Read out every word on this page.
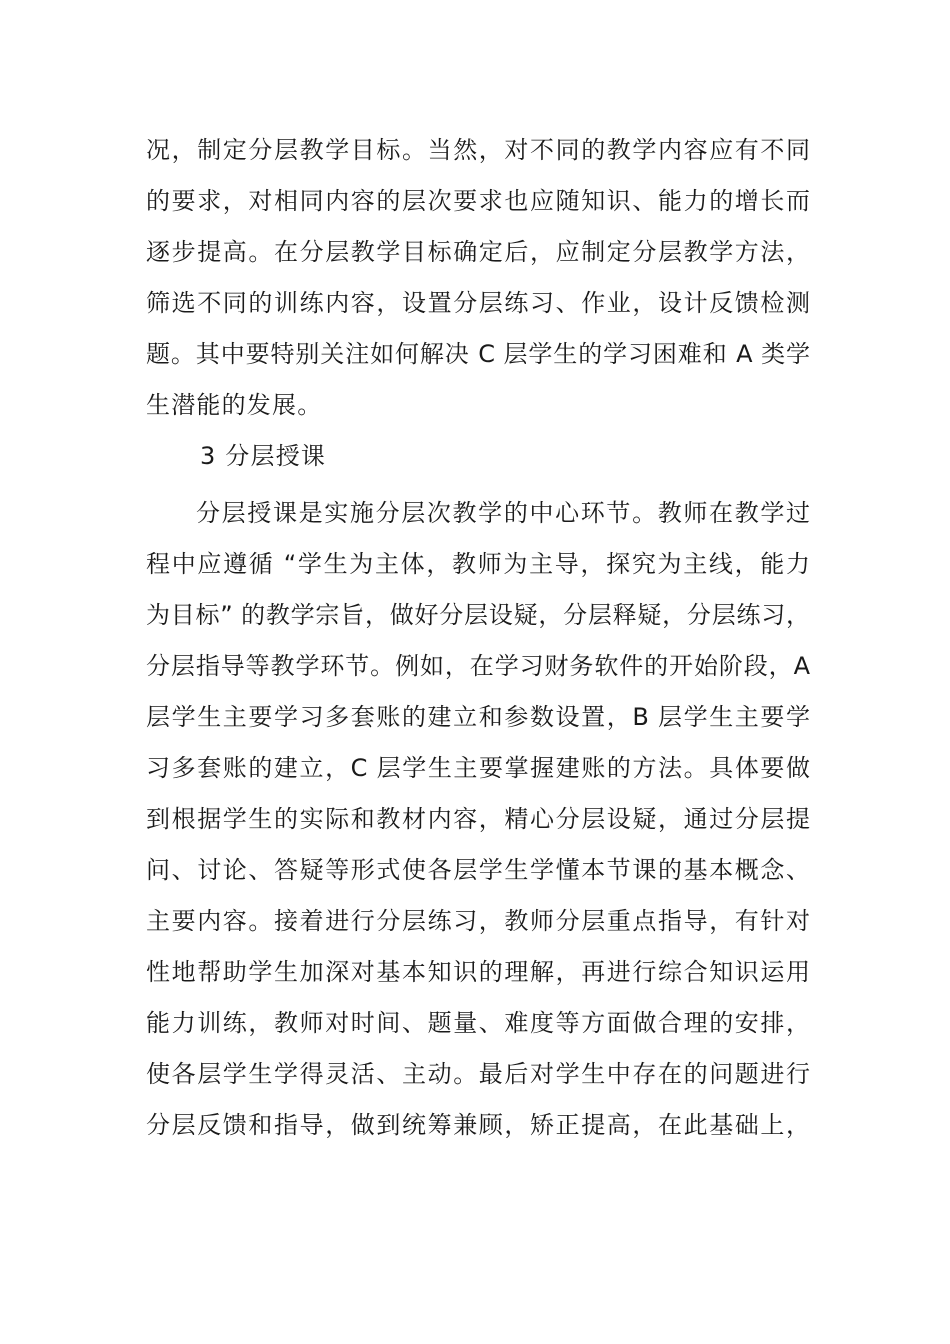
况，制定分层教学目标。当然，对不同的教学内容应有不同
的要求，对相同内容的层次要求也应随知识、能力的增长而
逐步提高。在分层教学目标确定后，应制定分层教学方法，
筛选不同的训练内容，设置分层练习、作业，设计反馈检测
题。其中要特别关注如何解决 C 层学生的学习困难和 A 类学
生潜能的发展。
3 分层授课
分层授课是实施分层次教学的中心环节。教师在教学过
程中应遵循 “学生为主体，教师为主导，探究为主线，能力
为目标” 的教学宗旨，做好分层设疑，分层释疑，分层练习，
分层指导等教学环节。例如，在学习财务软件的开始阶段，A
层学生主要学习多套账的建立和参数设置，B 层学生主要学
习多套账的建立，C 层学生主要掌握建账的方法。具体要做
到根据学生的实际和教材内容，精心分层设疑，通过分层提
问、讨论、答疑等形式使各层学生学懂本节课的基本概念、
主要内容。接着进行分层练习，教师分层重点指导，有针对
性地帮助学生加深对基本知识的理解，再进行综合知识运用
能力训练，教师对时间、题量、难度等方面做合理的安排，
使各层学生学得灵活、主动。最后对学生中存在的问题进行
分层反馈和指导，做到统筹兼顾，矫正提高，在此基础上，
